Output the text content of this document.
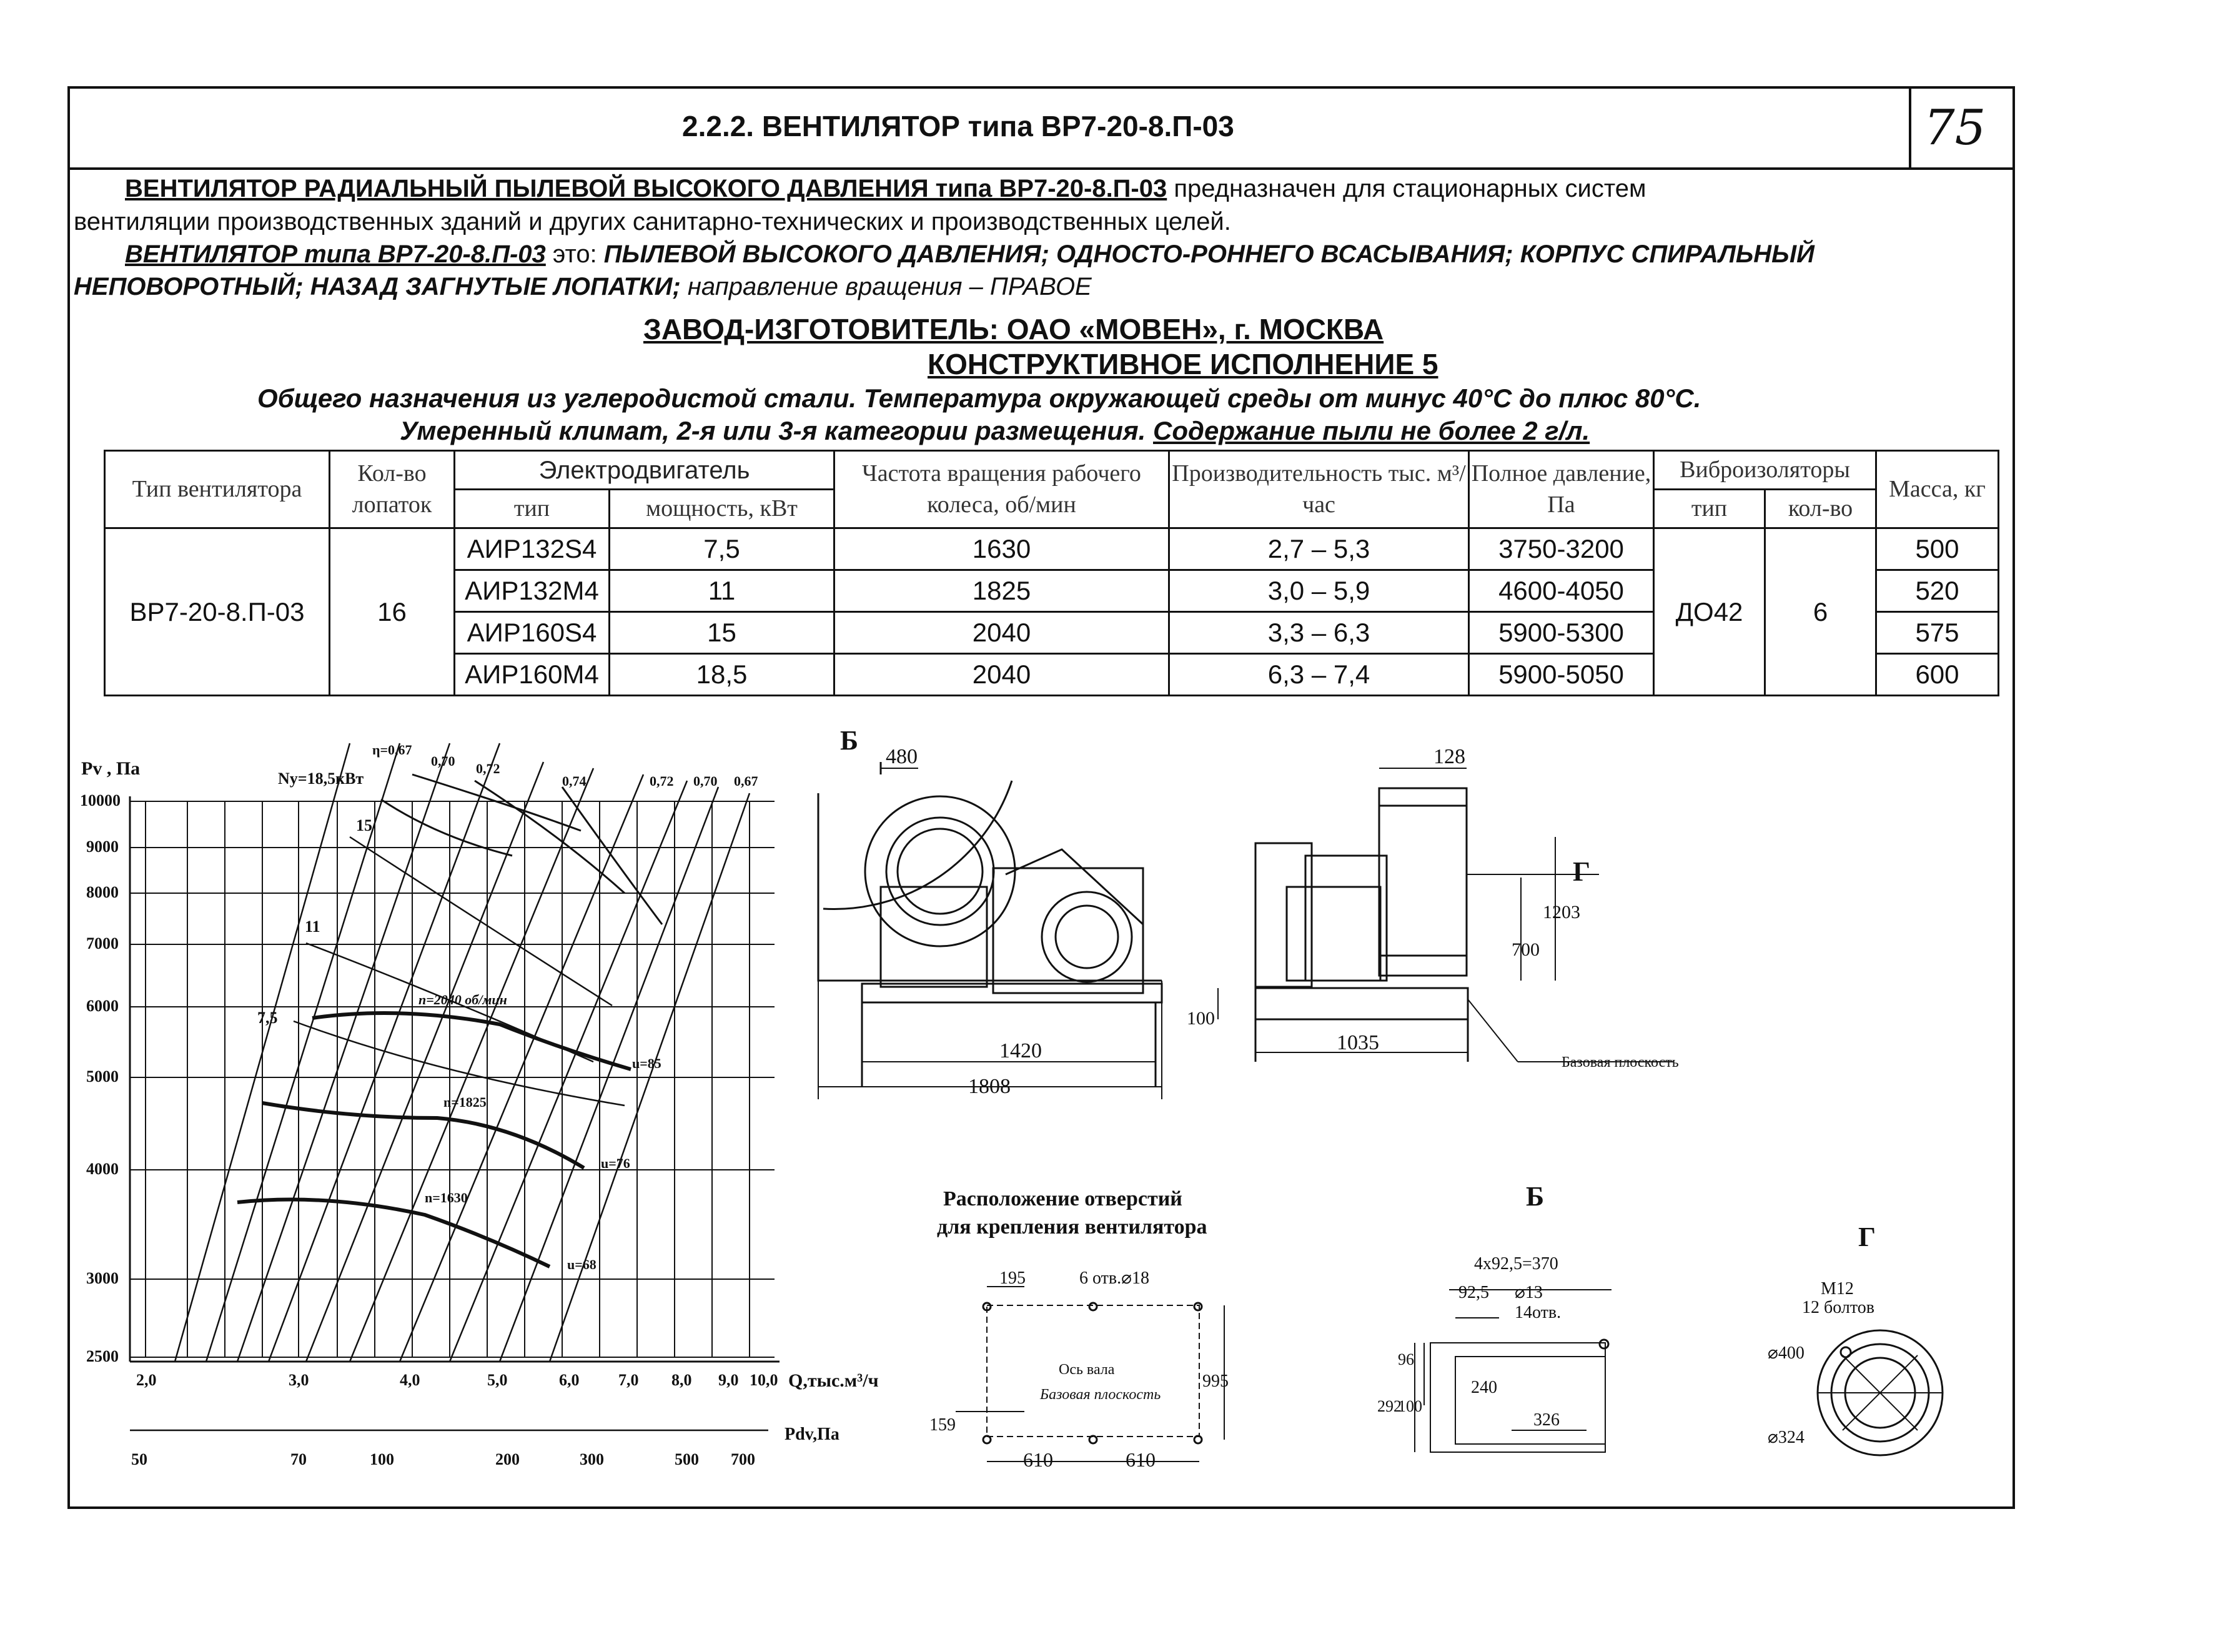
2.2.2. ВЕНТИЛЯТОР типа ВР7-20-8.П-03	75
ВЕНТИЛЯТОР РАДИАЛЬНЫЙ ПЫЛЕВОЙ ВЫСОКОГО ДАВЛЕНИЯ типа ВР7-20-8.П-03 предназначен для стационарных систем
вентиляции производственных зданий и других санитарно-технических и производственных целей.
ВЕНТИЛЯТОР типа ВР7-20-8.П-03 это: ПЫЛЕВОЙ ВЫСОКОГО ДАВЛЕНИЯ; ОДНОСТО-РОННЕГО ВСАСЫВАНИЯ; КОРПУС СПИРАЛЬНЫЙ
НЕПОВОРОТНЫЙ; НАЗАД ЗАГНУТЫЕ ЛОПАТКИ; направление вращения – ПРАВОЕ
ЗАВОД-ИЗГОТОВИТЕЛЬ: ОАО «МОВЕН», г. МОСКВА
КОНСТРУКТИВНОЕ ИСПОЛНЕНИЕ 5
Общего назначения из углеродистой стали. Температура окружающей среды от минус 40°С до плюс 80°С.
Умеренный климат, 2-я или 3-я категории размещения. Содержание пыли не более 2 г/л.
Тип вентилятора	Кол-во лопаток	Электродвигатель		Частота вращения рабочего колеса, об/мин	Производительность тыс. м³/час	Полное давление, Па	Виброизоляторы		Масса, кг
		тип	мощность, кВт				тип	кол-во	
ВР7-20-8.П-03	16	АИР132S4	7,5	1630	2,7 – 5,3	3750-3200	ДО42	6	500
		АИР132М4	11	1825	3,0 – 5,9	4600-4050			520
		АИР160S4	15	2040	3,3 – 6,3	5900-5300			575
		АИР160М4	18,5	2040	6,3 – 7,4	5900-5050			600
Pv , Па
10000
9000
8000
7000
6000
5000
4000
3000
2500
2,0	3,0	4,0	5,0	6,0 7,0 8,0 9,0 10,0 Q,тыс.м³/ч
50	70	100	200	300	500 700
Pdv,Па
η=0,67
0,70 0,72
0,74	0,72 0,70 0,67
Ny=18,5кВт
15
11
7,5
n=2040 об/мин
n=1825
n=1630
u=85
u=76
u=68
Б
480
1420
1808
128
Г
100
1035
700
1203
Базовая плоскость
Расположение отверстий
для крепления вентилятора
195	6 отв.⌀18
Ось вала
Базовая плоскость
995
159
610	610
Б
4х92,5=370
92,5 ⌀13
14отв.
292
100
96
240
326
Г
M12
12 болтов
⌀400
⌀324
